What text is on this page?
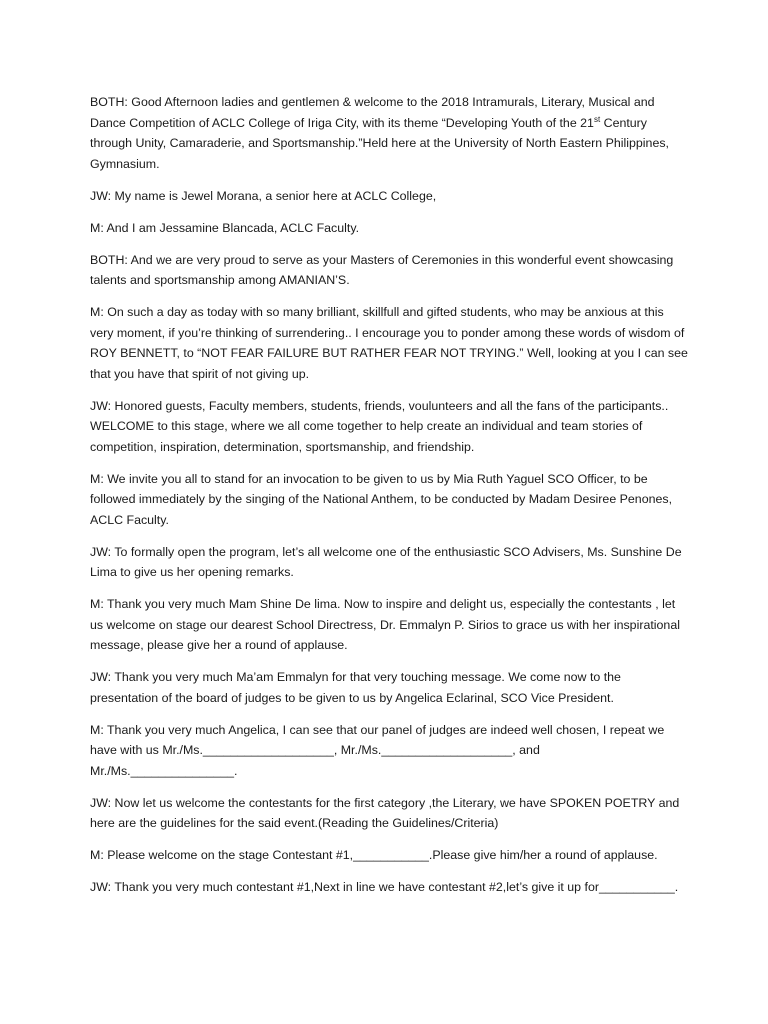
BOTH: Good Afternoon ladies and gentlemen & welcome to the 2018 Intramurals, Literary, Musical and Dance Competition of ACLC College of Iriga City, with its theme “Developing Youth of the 21st Century through Unity, Camaraderie, and Sportsmanship.”Held here at the University of North Eastern Philippines, Gymnasium.

JW: My name is Jewel Morana, a senior here at ACLC College,

M: And I am Jessamine Blancada, ACLC Faculty.

BOTH: And we are very proud to serve as your Masters of Ceremonies in this wonderful event showcasing talents and sportsmanship among AMANIAN’S.

M: On such a day as today with so many brilliant, skillfull and gifted students, who may be anxious at this very moment, if you’re thinking of surrendering.. I encourage you to ponder among these words of wisdom of ROY BENNETT, to “NOT FEAR FAILURE BUT RATHER FEAR NOT TRYING.” Well, looking at you I can see that you have that spirit of not giving up.

JW: Honored guests, Faculty members, students, friends, voulunteers and all the fans of the participants.. WELCOME to this stage, where we all come together to help create an individual and team stories of competition, inspiration, determination, sportsmanship, and friendship.

M: We invite you all to stand for an invocation to be given to us by Mia Ruth Yaguel SCO Officer, to be followed immediately by the singing of the National Anthem, to be conducted by Madam Desiree Penones, ACLC Faculty.

JW: To formally open the program, let’s all welcome one of the enthusiastic SCO Advisers, Ms. Sunshine De Lima to give us her opening remarks.

M: Thank you very much Mam Shine De lima. Now to inspire and delight us, especially the contestants , let us welcome on stage our dearest School Directress, Dr. Emmalyn P. Sirios to grace us with her inspirational message, please give her a round of applause.

JW: Thank you very much Ma’am Emmalyn for that very touching message. We come now to the presentation of the board of judges to be given to us by Angelica Eclarinal, SCO Vice President.

M: Thank you very much Angelica, I can see that our panel of judges are indeed well chosen, I repeat we have with us Mr./Ms.___________________, Mr./Ms.___________________, and Mr./Ms._______________.

JW: Now let us welcome the contestants for the first category ,the Literary, we have SPOKEN POETRY and here are the guidelines for the said event.(Reading the Guidelines/Criteria)

M: Please welcome on the stage Contestant #1,___________.Please give him/her a round of applause.

JW: Thank you very much contestant #1,Next in line we have contestant #2,let’s give it up for___________.
